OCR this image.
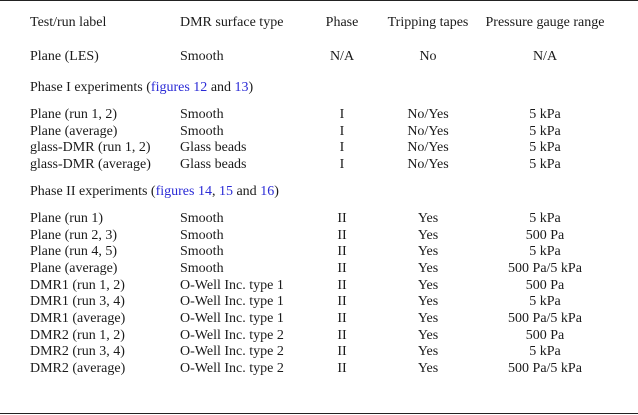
Test/run label	DMR surface type	Phase	Tripping tapes	Pressure gauge range
Plane (LES)	Smooth	N/A	No	N/A
Phase I experiments (figures 12 and 13)				
Plane (run 1, 2)	Smooth	I	No/Yes	5 kPa
Plane (average)	Smooth	I	No/Yes	5 kPa
glass-DMR (run 1, 2)	Glass beads	I	No/Yes	5 kPa
glass-DMR (average)	Glass beads	I	No/Yes	5 kPa
Phase II experiments (figures 14, 15 and 16)				
Plane (run 1)	Smooth	II	Yes	5 kPa
Plane (run 2, 3)	Smooth	II	Yes	500 Pa
Plane (run 4, 5)	Smooth	II	Yes	5 kPa
Plane (average)	Smooth	II	Yes	500 Pa/5 kPa
DMR1 (run 1, 2)	O-Well Inc. type 1	II	Yes	500 Pa
DMR1 (run 3, 4)	O-Well Inc. type 1	II	Yes	5 kPa
DMR1 (average)	O-Well Inc. type 1	II	Yes	500 Pa/5 kPa
DMR2 (run 1, 2)	O-Well Inc. type 2	II	Yes	500 Pa
DMR2 (run 3, 4)	O-Well Inc. type 2	II	Yes	5 kPa
DMR2 (average)	O-Well Inc. type 2	II	Yes	500 Pa/5 kPa
